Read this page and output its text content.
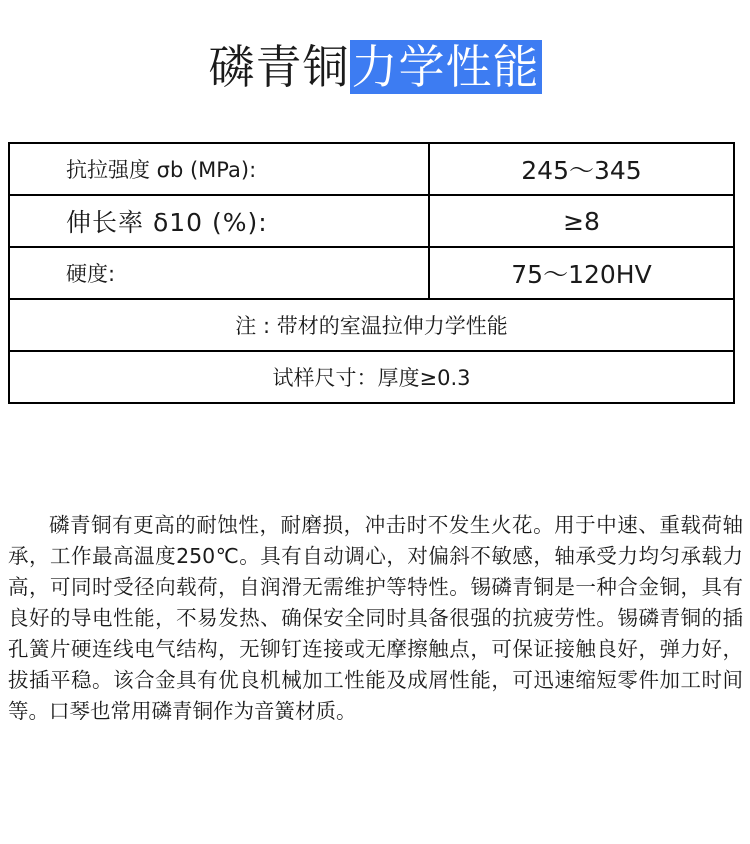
磷青铜力学性能
抗拉强度 σb (MPa):	245～345
伸长率 δ10 (%):	≥8
硬度:	75～120HV
注 : 带材的室温拉伸力学性能	
试样尺寸：厚度≥0.3	

磷青铜有更高的耐蚀性，耐磨损，冲击时不发生火花。用于中速、重载荷轴承，工作最高温度250℃。具有自动调心，对偏斜不敏感，轴承受力均匀承载力高，可同时受径向载荷，自润滑无需维护等特性。锡磷青铜是一种合金铜，具有良好的导电性能，不易发热、确保安全同时具备很强的抗疲劳性。锡磷青铜的插孔簧片硬连线电气结构，无铆钉连接或无摩擦触点，可保证接触良好，弹力好，拔插平稳。该合金具有优良机械加工性能及成屑性能，可迅速缩短零件加工时间等。口琴也常用磷青铜作为音簧材质。
